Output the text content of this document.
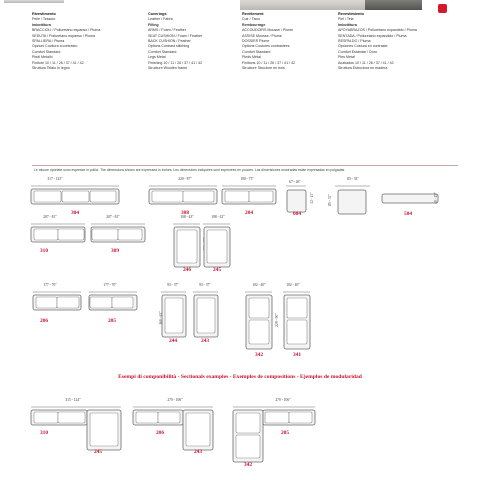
Rivestimento
Pelle / Tessuto
Imbottitura
BRACCIOLI / Poliuretano espanso / Piuma
SEDUTA / Poliuretano espanso / Piuma
SPALLIERA / Piuma
Opzioni Cucitura a contrasto
Comfort Standard
Piedi Metallo
Finiture 10 / 11 / 26 / 37 / 41 / 42
Struttura Telaio in legno
Coverings
Leather / Fabric
Filling
ARMS / Foam / Feather
SEAT CUSHION / Foam / Feather
BACK CUSHION / Feather
Options Contrast stitching
Comfort Standard
Legs Metal
Finishing 10 / 11 / 26 / 37 / 41 / 42
Structure Wooden frame
Revêtement
Cuir / Tissu
Rembourrage
ACCOUDOIRS Mousse / Plume
ASSISE Mousse / Plume
DOSSIER Plume
Options Coutures contrastées
Comfort Standard
Pieds Métal
Finitions 10 / 11 / 26 / 37 / 41 / 42
Structure Structure en bois
Revestimiento
Piel / Tela
Imbottitura
APOYABRAZOS / Poliuretano expandido / Pluma
SENTADA / Poliuretano expandido / Pluma
RESPALDO / Pluma
Opciones Costura en contraste
Comfort Estándar / Duro
Pies Metal
Acabados 10 / 11 / 26 / 37 / 41 / 42
Struttura Estructura en madera
Le misure riportate sono espresse in pollici. The dimensions shown are expressed in inches. Les dimensions indiquées sont exprimées en pouces. Las dimensiones mostradas están expresadas en pulgadas.
317 - 125"	220 - 87"	190 - 75"
67 - 26"
85 - 33"
304	308	204
32 - 13"
604
85 - 33"	40 - 15"
504
207 - 81"	207 - 81"	108 - 43"	108 - 43"
310	309
246	245
177 - 70"	177 - 70"	93 - 37"	93 - 37"	102 - 40"	102 - 40"
206	205	160 - 63"
244	243
229 - 90"
342	341
Esempi di componibilità - Sectionals examples - Exemples de compositions - Ejemplos de modularidad
315 - 124"
310
245
270 - 106"
206
243
270 - 106"
205
342
